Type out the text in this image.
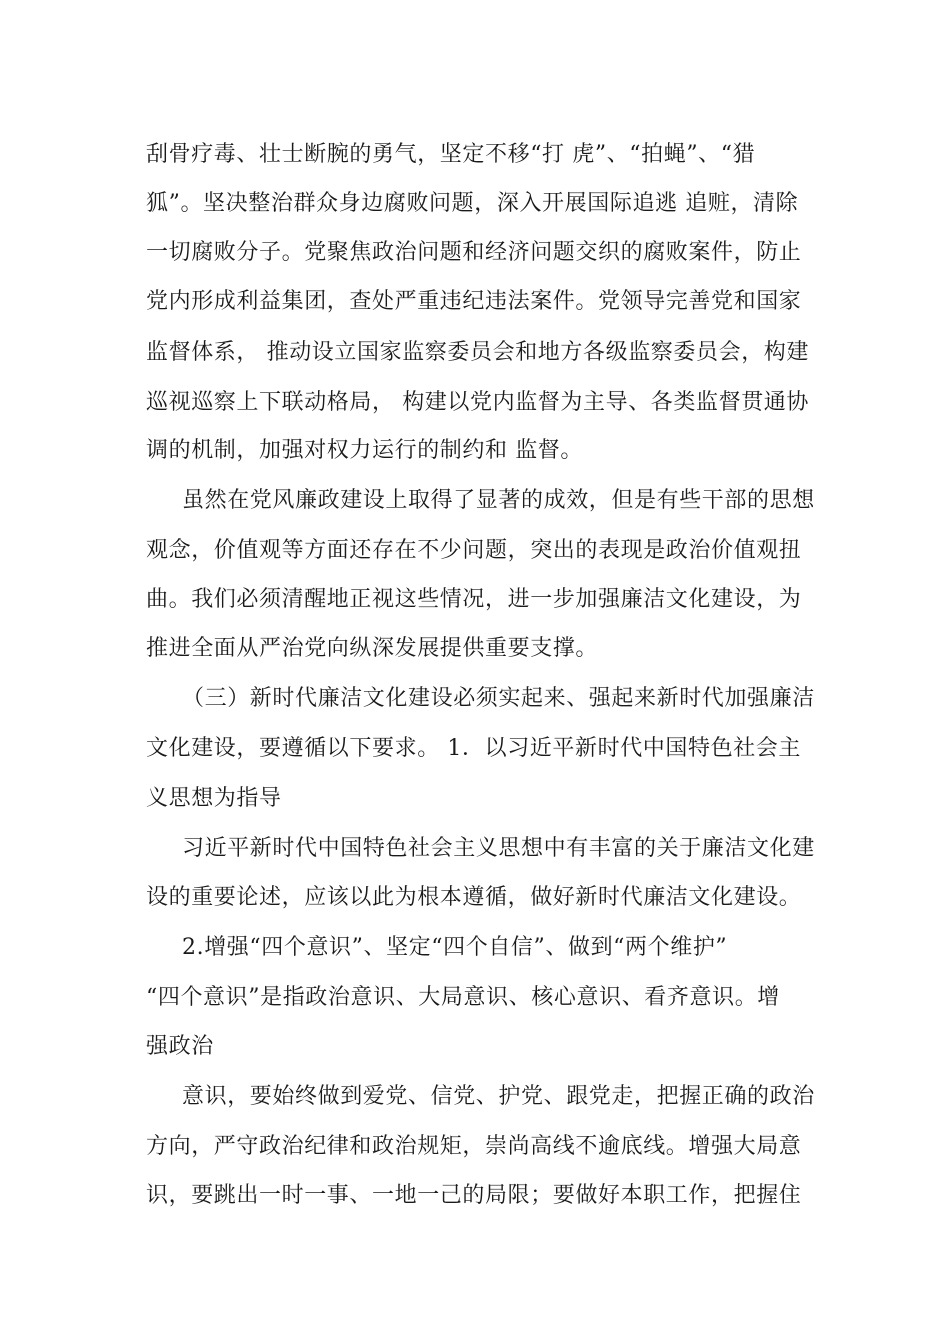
刮骨疗毒、壮士断腕的勇气，坚定不移“打 虎”、“拍蝇”、“猎
狐”。坚决整治群众身边腐败问题，深入开展国际追逃 追赃，清除
一切腐败分子。党聚焦政治问题和经济问题交织的腐败案件，防止
党内形成利益集团，查处严重违纪违法案件。党领导完善党和国家
监督体系， 推动设立国家监察委员会和地方各级监察委员会，构建
巡视巡察上下联动格局， 构建以党内监督为主导、各类监督贯通协
调的机制，加强对权力运行的制约和 监督。
虽然在党风廉政建设上取得了显著的成效，但是有些干部的思想
观念，价值观等方面还存在不少问题，突出的表现是政治价值观扭
曲。我们必须清醒地正视这些情况，进一步加强廉洁文化建设，为
推进全面从严治党向纵深发展提供重要支撑。
（三）新时代廉洁文化建设必须实起来、强起来新时代加强廉洁
文化建设，要遵循以下要求。 1．以习近平新时代中国特色社会主
义思想为指导
习近平新时代中国特色社会主义思想中有丰富的关于廉洁文化建
设的重要论述，应该以此为根本遵循，做好新时代廉洁文化建设。
2.增强“四个意识”、坚定“四个自信”、做到“两个维护”
“四个意识”是指政治意识、大局意识、核心意识、看齐意识。增
强政治
意识，要始终做到爱党、信党、护党、跟党走，把握正确的政治
方向，严守政治纪律和政治规矩，崇尚高线不逾底线。增强大局意
识，要跳出一时一事、一地一己的局限；要做好本职工作，把握住
